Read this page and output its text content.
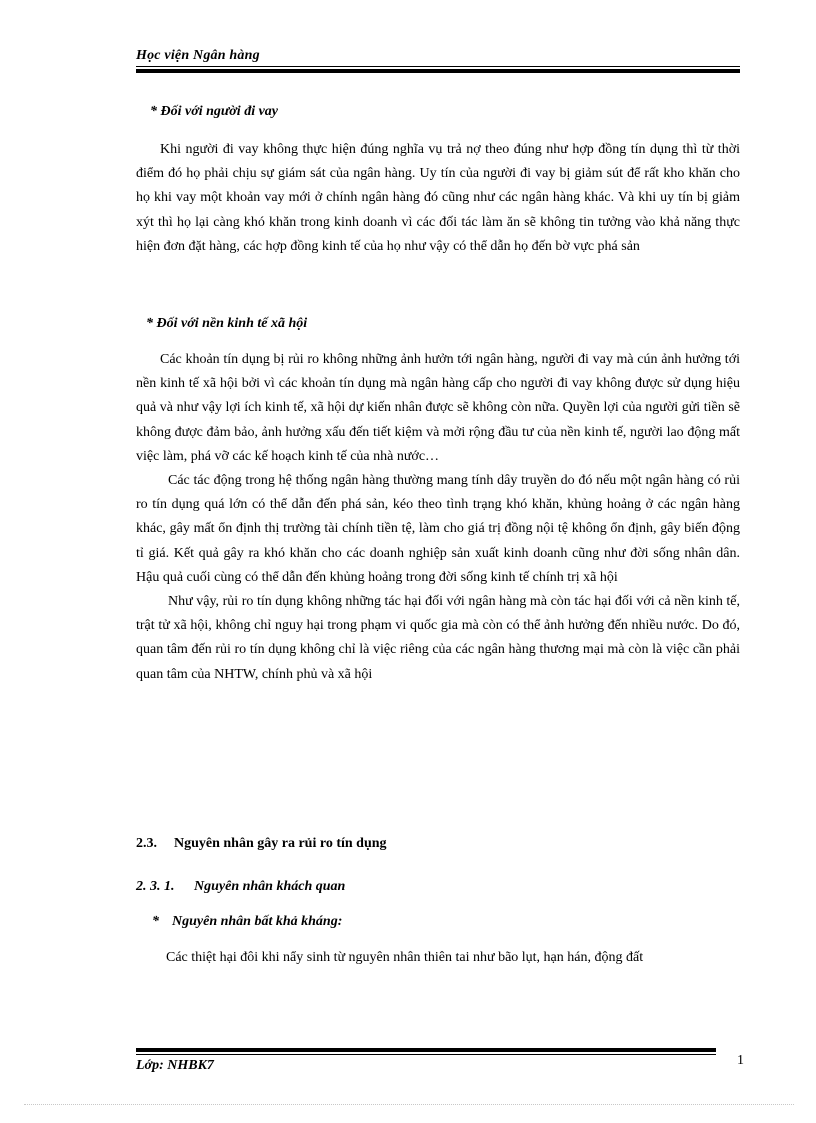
Học viện Ngân hàng
* Đối với người đi vay

Khi người đi vay không thực hiện đúng nghĩa vụ trả nợ theo đúng như hợp đồng tín dụng thì từ thời điểm đó họ phải chịu sự giám sát của ngân hàng. Uy tín của người đi vay bị giảm sút để rất kho khăn cho họ khi vay một khoản vay mới ở chính ngân hàng đó cũng như các ngân hàng khác. Và khi uy tín bị giảm xýt thì họ lại càng khó khăn trong kinh doanh vì các đối tác làm ăn sẽ không tin tưởng vào khả năng thực hiện đơn đặt hàng, các hợp đồng kinh tế của họ như vậy có thể dẫn họ đến bờ vực phá sản

* Đối với nền kinh tế xã hội

Các khoản tín dụng bị rủi ro không những ảnh hưởn tới ngân hàng, người đi vay mà cún ảnh hưởng tới nền kinh tế xã hội bởi vì các khoản tín dụng mà ngân hàng cấp cho người đi vay không được sử dụng hiệu quả và như vậy lợi ích kinh tế, xã hội dự kiến nhân được sẽ không còn nữa. Quyền lợi của người gửi tiền sẽ không được đảm bảo, ảnh hưởng xấu đến tiết kiệm và mởi rộng đầu tư của nền kinh tế, người lao động mất việc làm, phá vỡ các kế hoạch kinh tế của nhà nước…

Các tác động trong hệ thống ngân hàng thường mang tính dây truyền do đó nếu một ngân hàng có rủi ro tín dụng quá lớn có thể dẫn đến phá sản, kéo theo tình trạng khó khăn, khủng hoảng ở các ngân hàng khác, gây mất ổn định thị trường tài chính tiền tệ, làm cho giá trị đồng nội tệ không ổn định, gây biến động tỉ giá. Kết quả gây ra khó khăn cho các doanh nghiệp sản xuất kinh doanh cũng như đời sống nhân dân. Hậu quả cuối cùng có thể dẫn đến khủng hoảng trong đời sống kinh tế chính trị xã hội

Như vậy, rủi ro tín dụng không những tác hại đối với ngân hàng mà còn tác hại đối với cả nền kinh tế, trật tử xã hội, không chỉ nguy hại trong phạm vi quốc gia mà còn có thể ảnh hưởng đến nhiều nước. Do đó, quan tâm đến rủi ro tín dụng không chỉ là việc riêng của các ngân hàng thương mại mà còn là việc cần phải quan tâm của NHTW, chính phủ và xã hội

2.3. Nguyên nhân gây ra rủi ro tín dụng
2. 3. 1. Nguyên nhân khách quan
* Nguyên nhân bất khả kháng:

Các thiệt hại đôi khi nẩy sinh từ nguyên nhân thiên tai như bão lụt, hạn hán, động đất

Lớp: NHBK7	1
